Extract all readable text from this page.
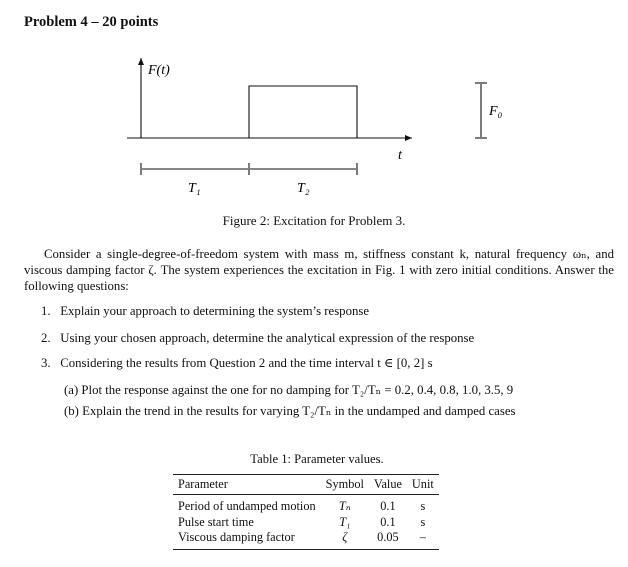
Problem 4 – 20 points
F(t)
t
F₀
T₁	T₂
Figure 2: Excitation for Problem 3.
Consider a single-degree-of-freedom system with mass m, stiffness constant k, natural frequency ωₙ, and viscous damping factor ζ. The system experiences the excitation in Fig. 1 with zero initial conditions. Answer the following questions:
1. Explain your approach to determining the system’s response
2. Using your chosen approach, determine the analytical expression of the response
3. Considering the results from Question 2 and the time interval t ∈ [0, 2] s
(a) Plot the response against the one for no damping for T₂/Tₙ = 0.2, 0.4, 0.8, 1.0, 3.5, 9
(b) Explain the trend in the results for varying T₂/Tₙ in the undamped and damped cases
Table 1: Parameter values.
Parameter	Symbol	Value	Unit
Period of undamped motion	Tₙ	0.1	s
Pulse start time	T₁	0.1	s
Viscous damping factor	ζ	0.05	–
